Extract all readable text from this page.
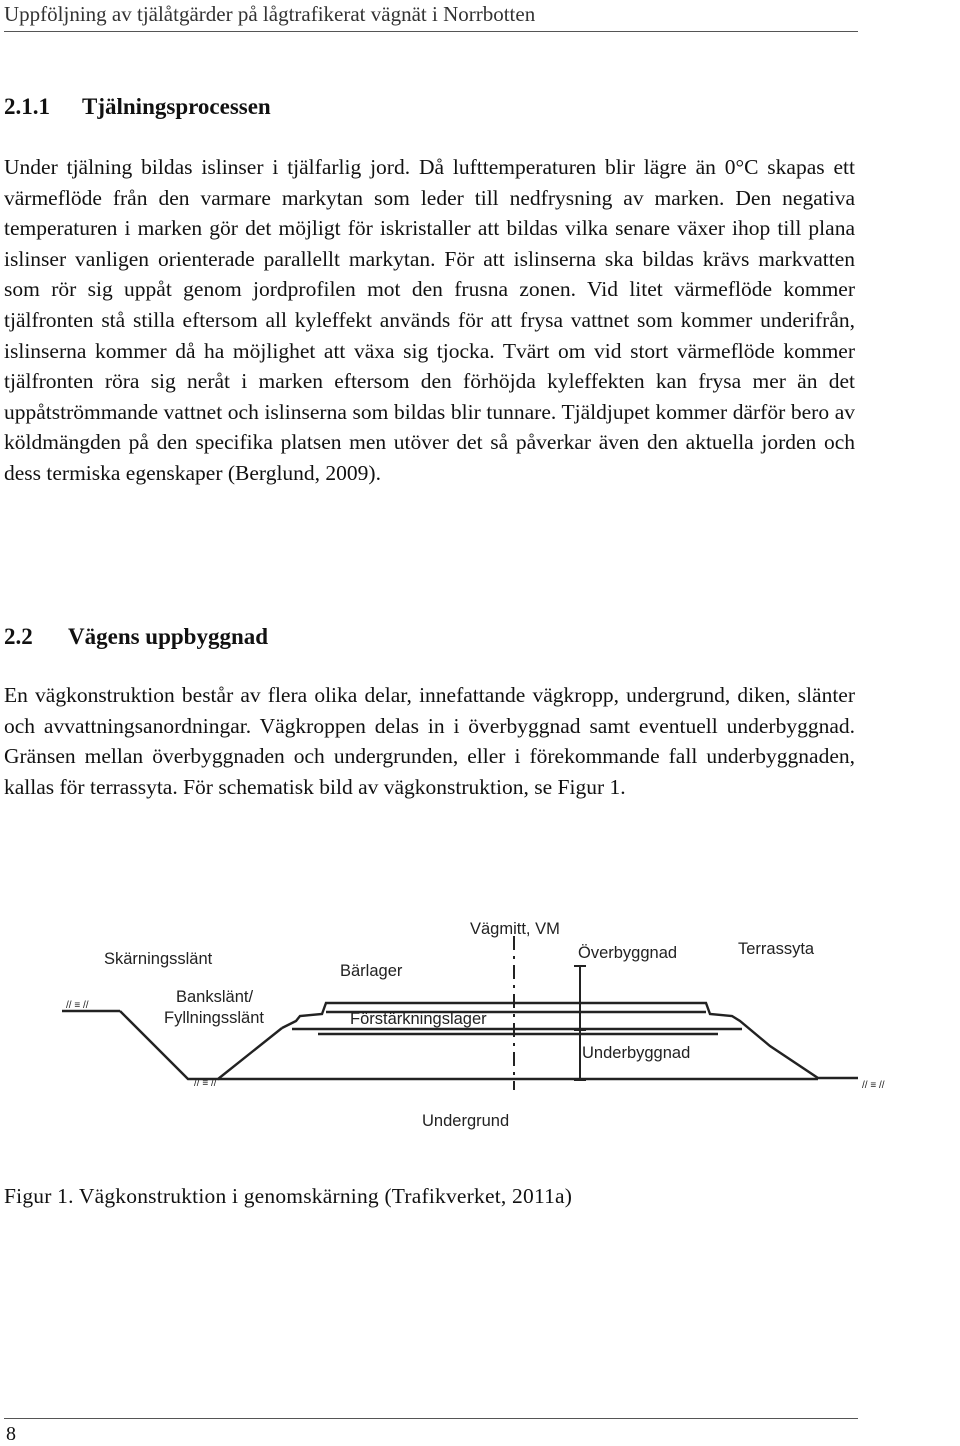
Uppföljning av tjälåtgärder på lågtrafikerat vägnät i Norrbotten
2.1.1 Tjälningsprocessen

Under tjälning bildas islinser i tjälfarlig jord. Då lufttemperaturen blir lägre än 0°C skapas ett värmeflöde från den varmare markytan som leder till nedfrysning av marken. Den negativa temperaturen i marken gör det möjligt för iskristaller att bildas vilka senare växer ihop till plana islinser vanligen orienterade parallellt markytan. För att islinserna ska bildas krävs markvatten som rör sig uppåt genom jordprofilen mot den frusna zonen. Vid litet värmeflöde kommer tjälfronten stå stilla eftersom all kyleffekt används för att frysa vattnet som kommer underifrån, islinserna kommer då ha möjlighet att växa sig tjocka. Tvärt om vid stort värmeflöde kommer tjälfronten röra sig neråt i marken eftersom den förhöjda kyleffekten kan frysa mer än det uppåtströmmande vattnet och islinserna som bildas blir tunnare. Tjäldjupet kommer därför bero av köldmängden på den specifika platsen men utöver det så påverkar även den aktuella jorden och dess termiska egenskaper (Berglund, 2009).

2.2 Vägens uppbyggnad

En vägkonstruktion består av flera olika delar, innefattande vägkropp, undergrund, diken, slänter och avvattningsanordningar. Vägkroppen delas in i överbyggnad samt eventuell underbyggnad. Gränsen mellan överbyggnaden och undergrunden, eller i förekommande fall underbyggnaden, kallas för terrassyta. För schematisk bild av vägkonstruktion, se Figur 1.

// ≡ //
// ≡ //	// ≡ //
Vägmitt, VM
Överbyggnad	Terrassyta
Skärningsslänt
Bärlager
Bankslänt/
Fyllningsslänt	Förstärkningslager
Underbyggnad
Undergrund
Figur 1. Vägkonstruktion i genomskärning (Trafikverket, 2011a)
8
